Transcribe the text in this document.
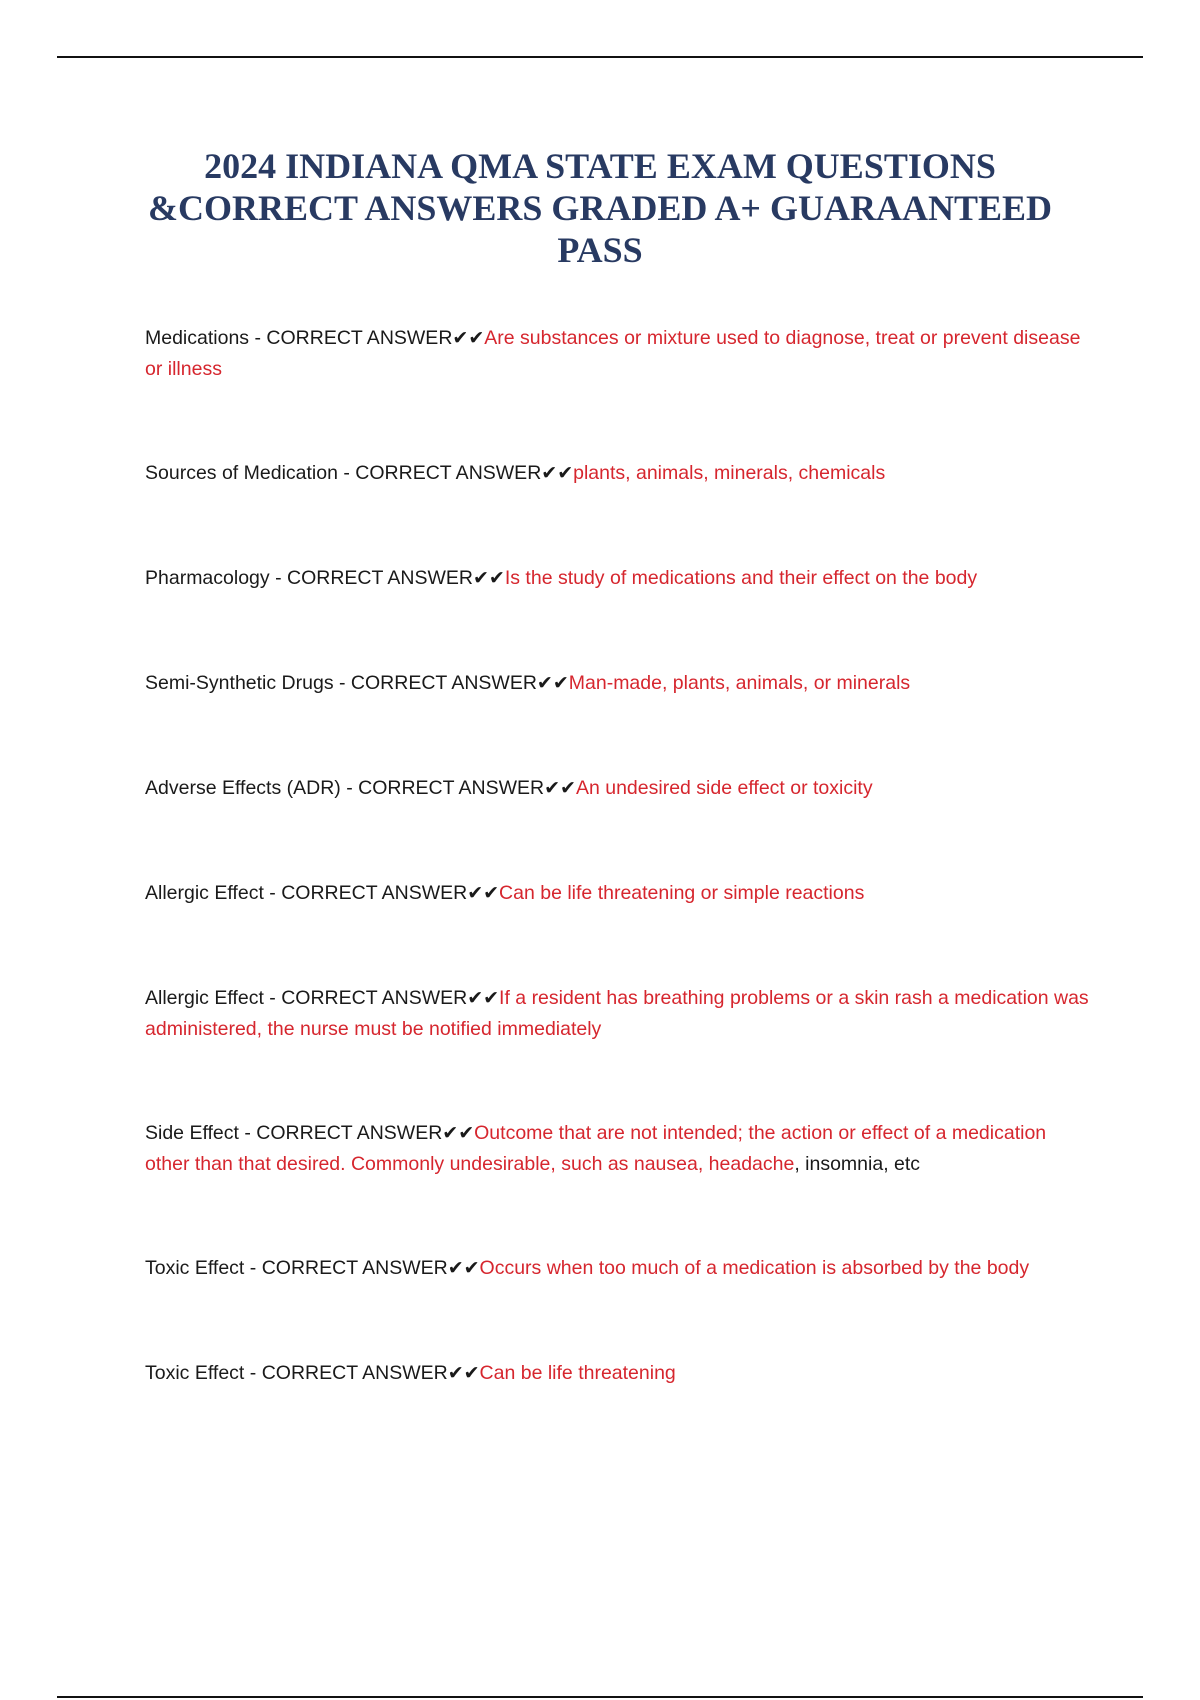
2024 INDIANA QMA STATE EXAM QUESTIONS &CORRECT ANSWERS GRADED A+ GUARAANTEED PASS
Medications - CORRECT ANSWER✔✔Are substances or mixture used to diagnose, treat or prevent disease or illness
Sources of Medication - CORRECT ANSWER✔✔plants, animals, minerals, chemicals
Pharmacology - CORRECT ANSWER✔✔Is the study of medications and their effect on the body
Semi-Synthetic Drugs - CORRECT ANSWER✔✔Man-made, plants, animals, or minerals
Adverse Effects (ADR) - CORRECT ANSWER✔✔An undesired side effect or toxicity
Allergic Effect - CORRECT ANSWER✔✔Can be life threatening or simple reactions
Allergic Effect - CORRECT ANSWER✔✔If a resident has breathing problems or a skin rash a medication was administered, the nurse must be notified immediately
Side Effect - CORRECT ANSWER✔✔Outcome that are not intended; the action or effect of a medication other than that desired. Commonly undesirable, such as nausea, headache, insomnia, etc
Toxic Effect - CORRECT ANSWER✔✔Occurs when too much of a medication is absorbed by the body
Toxic Effect - CORRECT ANSWER✔✔Can be life threatening
